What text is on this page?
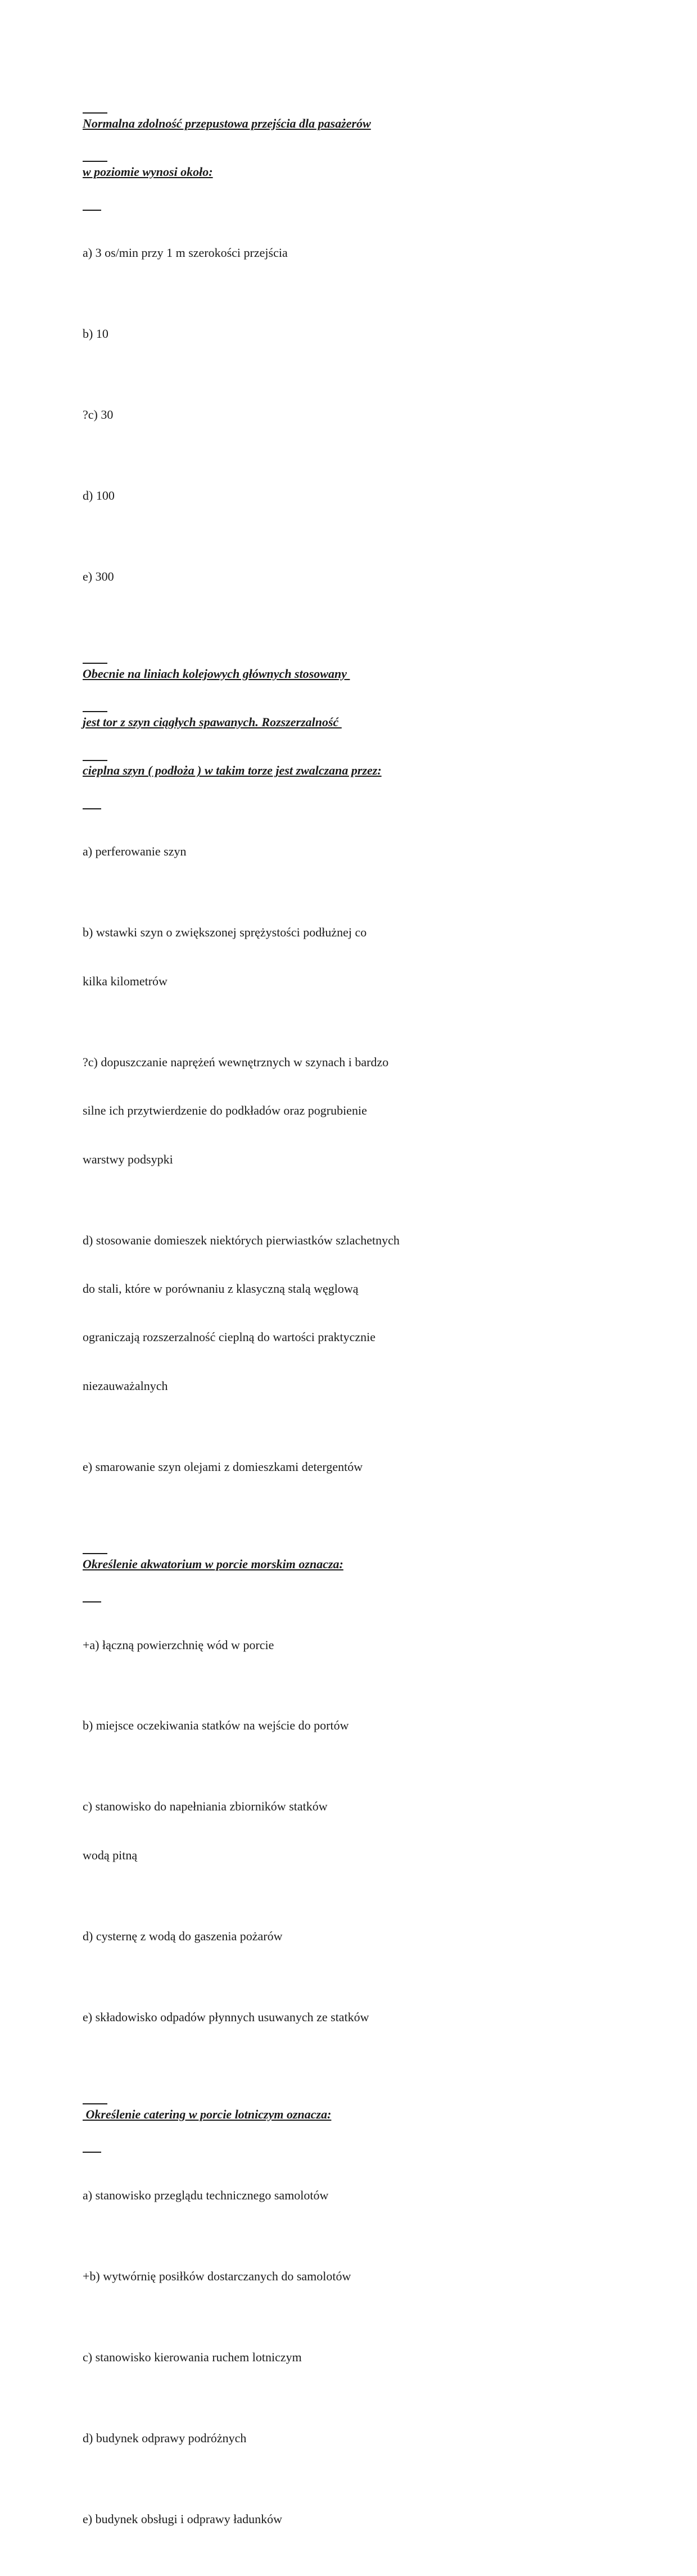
Normalna zdolność przepustowa przejścia dla pasażerów

w poziomie wynosi około:

a) 3 os/min przy 1 m szerokości przejścia

b) 10

?c) 30

d) 100

e) 300

Obecnie na liniach kolejowych głównych stosowany

jest tor z szyn ciągłych spawanych. Rozszerzalność

cieplna szyn ( podłoża ) w takim torze jest zwalczana przez:

a) perferowanie szyn

b) wstawki szyn o zwiększonej sprężystości podłużnej co

kilka kilometrów

?c) dopuszczanie naprężeń wewnętrznych w szynach i bardzo

silne ich przytwierdzenie do podkładów oraz pogrubienie

warstwy podsypki

d) stosowanie domieszek niektórych pierwiastków szlachetnych

do stali, które w porównaniu z klasyczną stalą węglową

ograniczają rozszerzalność cieplną do wartości praktycznie

niezauważalnych

e) smarowanie szyn olejami z domieszkami detergentów

Określenie akwatorium w porcie morskim oznacza:

+a) łączną powierzchnię wód w porcie

b) miejsce oczekiwania statków na wejście do portów

c) stanowisko do napełniania zbiorników statków

wodą pitną

d) cysternę z wodą do gaszenia pożarów

e) składowisko odpadów płynnych usuwanych ze statków

Określenie catering w porcie lotniczym oznacza:

a) stanowisko przeglądu technicznego samolotów

+b) wytwórnię posiłków dostarczanych do samolotów

c) stanowisko kierowania ruchem lotniczym

d) budynek odprawy podróżnych

e) budynek obsługi i odprawy ładunków
